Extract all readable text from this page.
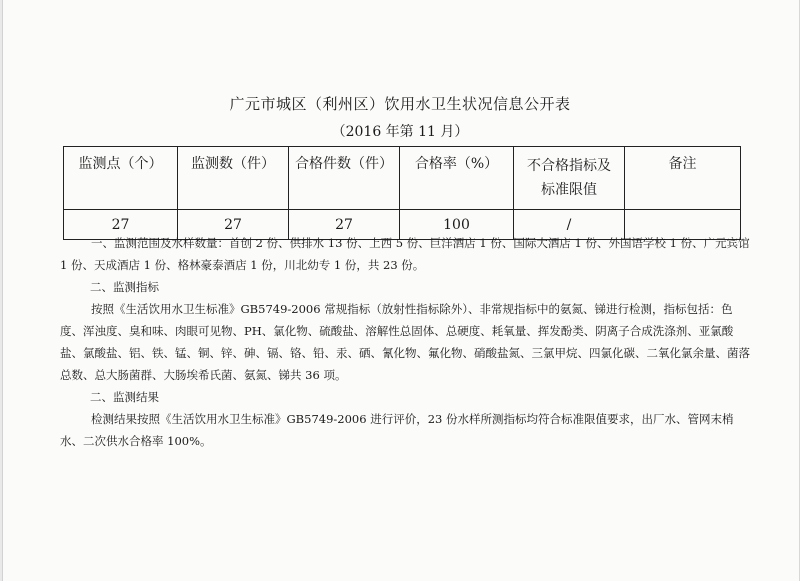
广元市城区（利州区）饮用水卫生状况信息公开表
（2016 年第 11 月）
监测点（个）	监测数（件）	合格件数（件）	合格率（%）	不合格指标及标准限值	备注
27	27	27	100	/	
一、监测范围及水样数量：首创 2 份、供排水 13 份、上西 5 份、巨洋酒店 1 份、国际大酒店 1 份、外国语学校 1 份、广元宾馆 1 份、天成酒店 1 份、格林豪泰酒店 1 份，川北幼专 1 份，共 23 份。
二、监测指标
按照《生活饮用水卫生标准》GB5749-2006 常规指标（放射性指标除外）、非常规指标中的氨氮、锑进行检测，指标包括：色度、浑浊度、臭和味、肉眼可见物、PH、氯化物、硫酸盐、溶解性总固体、总硬度、耗氧量、挥发酚类、阴离子合成洗涤剂、亚氯酸盐、氯酸盐、铝、铁、锰、铜、锌、砷、镉、铬、铅、汞、硒、氰化物、氟化物、硝酸盐氮、三氯甲烷、四氯化碳、二氧化氯余量、菌落总数、总大肠菌群、大肠埃希氏菌、氨氮、锑共 36 项。
二、监测结果
检测结果按照《生活饮用水卫生标准》GB5749-2006 进行评价，23 份水样所测指标均符合标准限值要求，出厂水、管网末梢水、二次供水合格率 100%。
